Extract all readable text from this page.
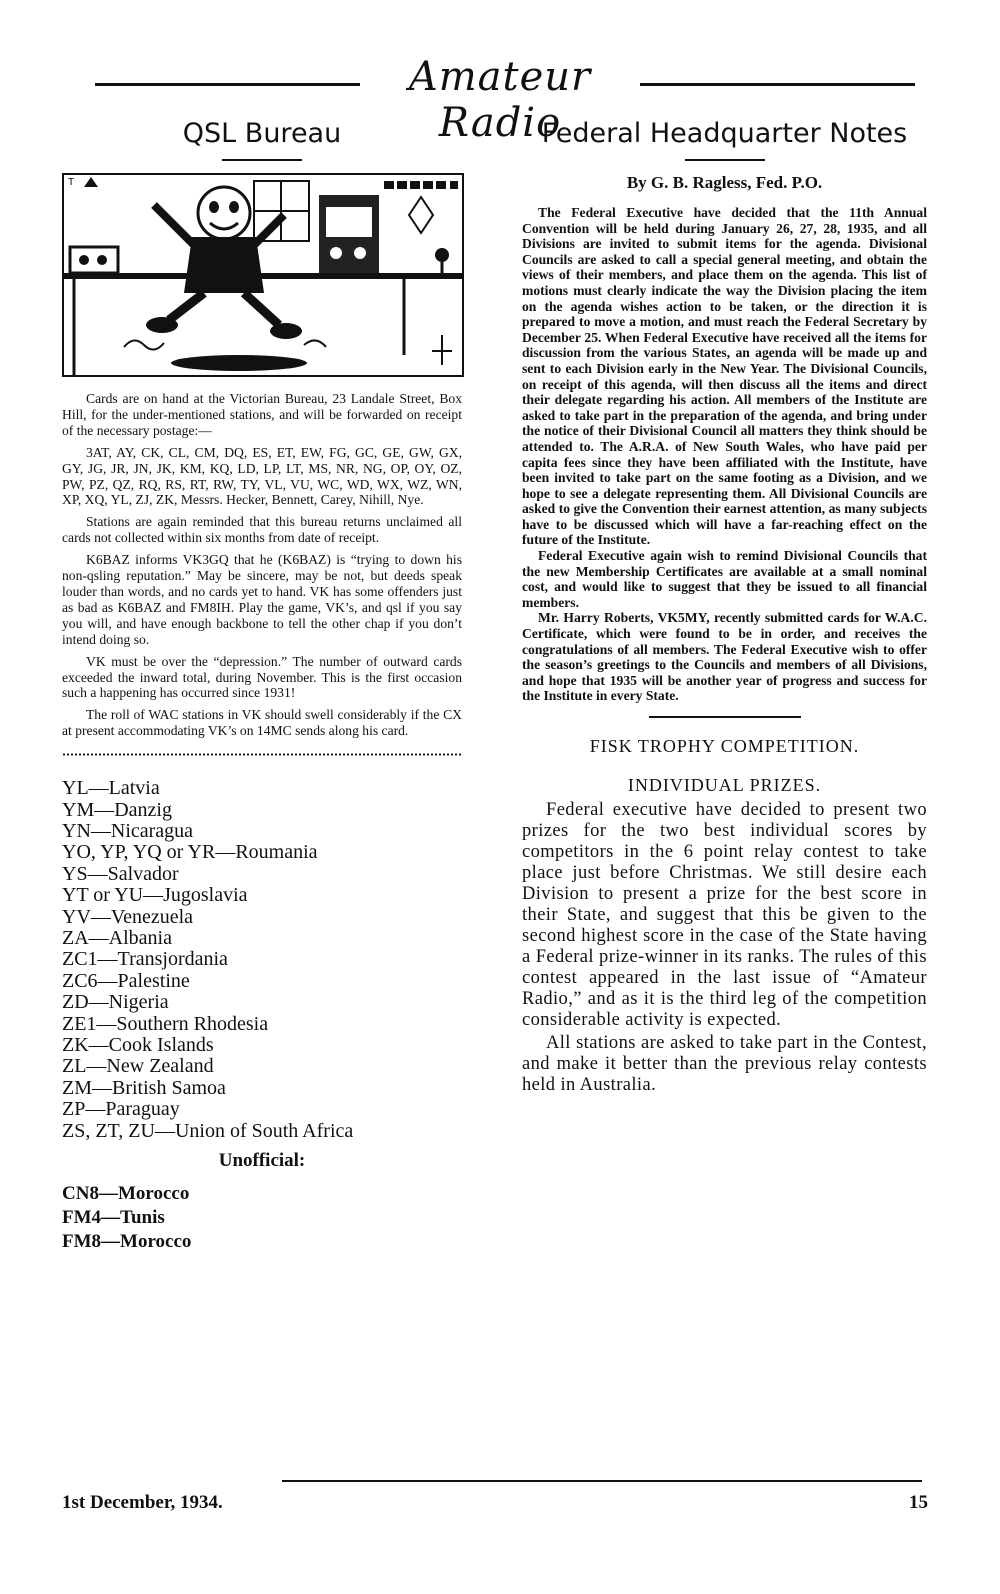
Amateur Radio
QSL Bureau
T

Cards are on hand at the Victorian Bureau, 23 Landale Street, Box Hill, for the under-mentioned stations, and will be forwarded on receipt of the necessary postage:—

3AT, AY, CK, CL, CM, DQ, ES, ET, EW, FG, GC, GE, GW, GX, GY, JG, JR, JN, JK, KM, KQ, LD, LP, LT, MS, NR, NG, OP, OY, OZ, PW, PZ, QZ, RQ, RS, RT, RW, TY, VL, VU, WC, WD, WX, WZ, WN, XP, XQ, YL, ZJ, ZK, Messrs. Hecker, Bennett, Carey, Nihill, Nye.

Stations are again reminded that this bureau returns unclaimed all cards not collected within six months from date of receipt.

K6BAZ informs VK3GQ that he (K6BAZ) is “trying to down his non-qsling reputation.” May be sincere, may be not, but deeds speak louder than words, and no cards yet to hand. VK has some offenders just as bad as K6BAZ and FM8IH. Play the game, VK’s, and qsl if you say you will, and have enough backbone to tell the other chap if you don’t intend doing so.

VK must be over the “depression.” The number of outward cards exceeded the inward total, during November. This is the first occasion such a happening has occurred since 1931!

The roll of WAC stations in VK should swell considerably if the CX at present accommodating VK’s on 14MC sends along his card.

YL—Latvia

YM—Danzig

YN—Nicaragua

YO, YP, YQ or YR—Roumania

YS—Salvador

YT or YU—Jugoslavia

YV—Venezuela

ZA—Albania

ZC1—Transjordania

ZC6—Palestine

ZD—Nigeria

ZE1—Southern Rhodesia

ZK—Cook Islands

ZL—New Zealand

ZM—British Samoa

ZP—Paraguay

ZS, ZT, ZU—Union of South Africa

Unofficial:
CN8—Morocco
FM4—Tunis
FM8—Morocco
Federal Headquarter Notes
By G. B. Ragless, Fed. P.O.

The Federal Executive have decided that the 11th Annual Convention will be held during January 26, 27, 28, 1935, and all Divisions are invited to submit items for the agenda. Divisional Councils are asked to call a special general meeting, and obtain the views of their members, and place them on the agenda. This list of motions must clearly indicate the way the Division placing the item on the agenda wishes action to be taken, or the direction it is prepared to move a motion, and must reach the Federal Secretary by December 25. When Federal Executive have received all the items for discussion from the various States, an agenda will be made up and sent to each Division early in the New Year. The Divisional Councils, on receipt of this agenda, will then discuss all the items and direct their delegate regarding his action. All members of the Institute are asked to take part in the preparation of the agenda, and bring under the notice of their Divisional Council all matters they think should be attended to. The A.R.A. of New South Wales, who have paid per capita fees since they have been affiliated with the Institute, have been invited to take part on the same footing as a Division, and we hope to see a delegate representing them. All Divisional Councils are asked to give the Convention their earnest attention, as many subjects have to be discussed which will have a far-reaching effect on the future of the Institute.

Federal Executive again wish to remind Divisional Councils that the new Membership Certificates are available at a small nominal cost, and would like to suggest that they be issued to all financial members.

Mr. Harry Roberts, VK5MY, recently submitted cards for W.A.C. Certificate, which were found to be in order, and receives the congratulations of all members. The Federal Executive wish to offer the season’s greetings to the Councils and members of all Divisions, and hope that 1935 will be another year of progress and success for the Institute in every State.

FISK TROPHY COMPETITION.
INDIVIDUAL PRIZES.

Federal executive have decided to present two prizes for the two best individual scores by competitors in the 6 point relay contest to take place just before Christmas. We still desire each Division to present a prize for the best score in their State, and suggest that this be given to the second highest score in the case of the State having a Federal prize-winner in its ranks. The rules of this contest appeared in the last issue of “Amateur Radio,” and as it is the third leg of the competition considerable activity is expected.

All stations are asked to take part in the Contest, and make it better than the previous relay contests held in Australia.

1st December, 1934.	15
